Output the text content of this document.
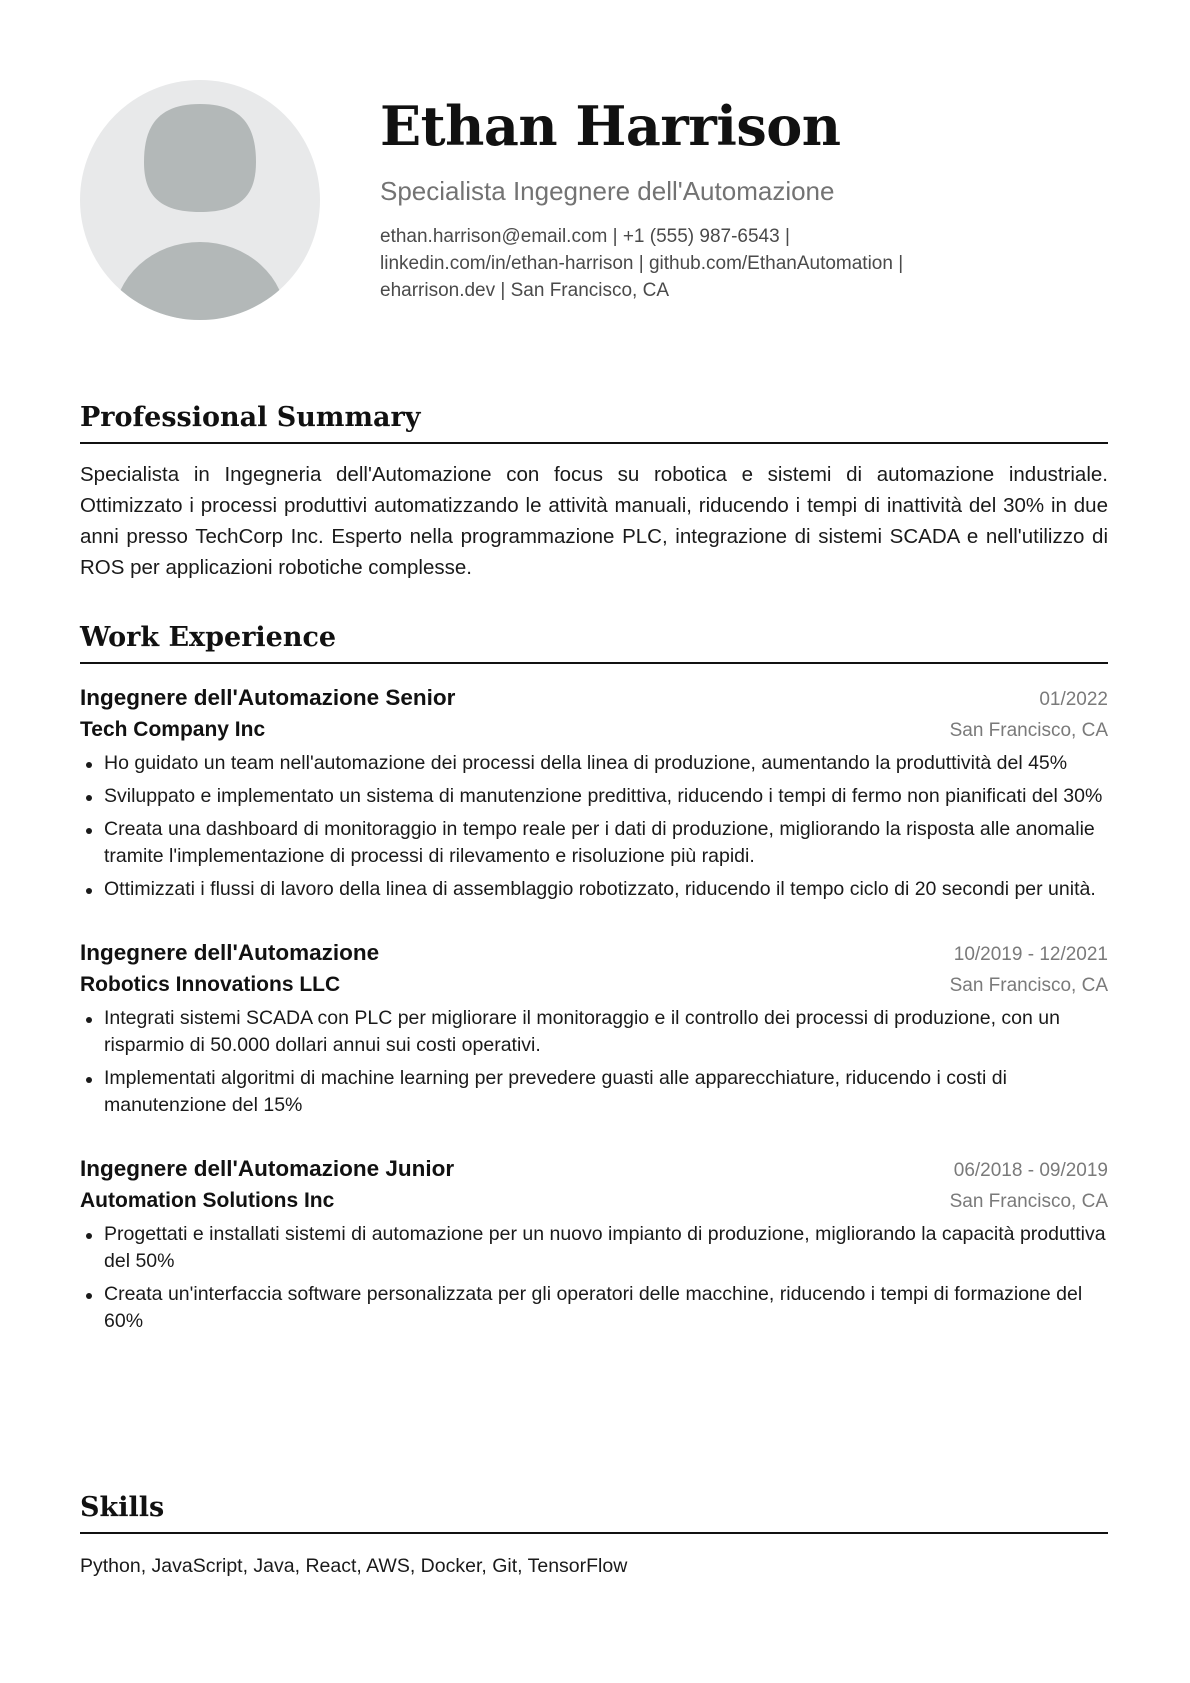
Ethan Harrison
Specialista Ingegnere dell'Automazione
ethan.harrison@email.com | +1 (555) 987-6543 |
linkedin.com/in/ethan-harrison | github.com/EthanAutomation |
eharrison.dev | San Francisco, CA
Professional Summary
Specialista in Ingegneria dell'Automazione con focus su robotica e sistemi di automazione industriale. Ottimizzato i processi produttivi automatizzando le attività manuali, riducendo i tempi di inattività del 30% in due anni presso TechCorp Inc. Esperto nella programmazione PLC, integrazione di sistemi SCADA e nell'utilizzo di ROS per applicazioni robotiche complesse.
Work Experience
Ingegnere dell'Automazione Senior	01/2022
Tech Company Inc	San Francisco, CA
Ho guidato un team nell'automazione dei processi della linea di produzione, aumentando la produttività del 45%
Sviluppato e implementato un sistema di manutenzione predittiva, riducendo i tempi di fermo non pianificati del 30%
Creata una dashboard di monitoraggio in tempo reale per i dati di produzione, migliorando la risposta alle anomalie tramite l'implementazione di processi di rilevamento e risoluzione più rapidi.
Ottimizzati i flussi di lavoro della linea di assemblaggio robotizzato, riducendo il tempo ciclo di 20 secondi per unità.
Ingegnere dell'Automazione	10/2019 - 12/2021
Robotics Innovations LLC	San Francisco, CA
Integrati sistemi SCADA con PLC per migliorare il monitoraggio e il controllo dei processi di produzione, con un risparmio di 50.000 dollari annui sui costi operativi.
Implementati algoritmi di machine learning per prevedere guasti alle apparecchiature, riducendo i costi di manutenzione del 15%
Ingegnere dell'Automazione Junior	06/2018 - 09/2019
Automation Solutions Inc	San Francisco, CA
Progettati e installati sistemi di automazione per un nuovo impianto di produzione, migliorando la capacità produttiva del 50%
Creata un'interfaccia software personalizzata per gli operatori delle macchine, riducendo i tempi di formazione del 60%
Skills
Python, JavaScript, Java, React, AWS, Docker, Git, TensorFlow
